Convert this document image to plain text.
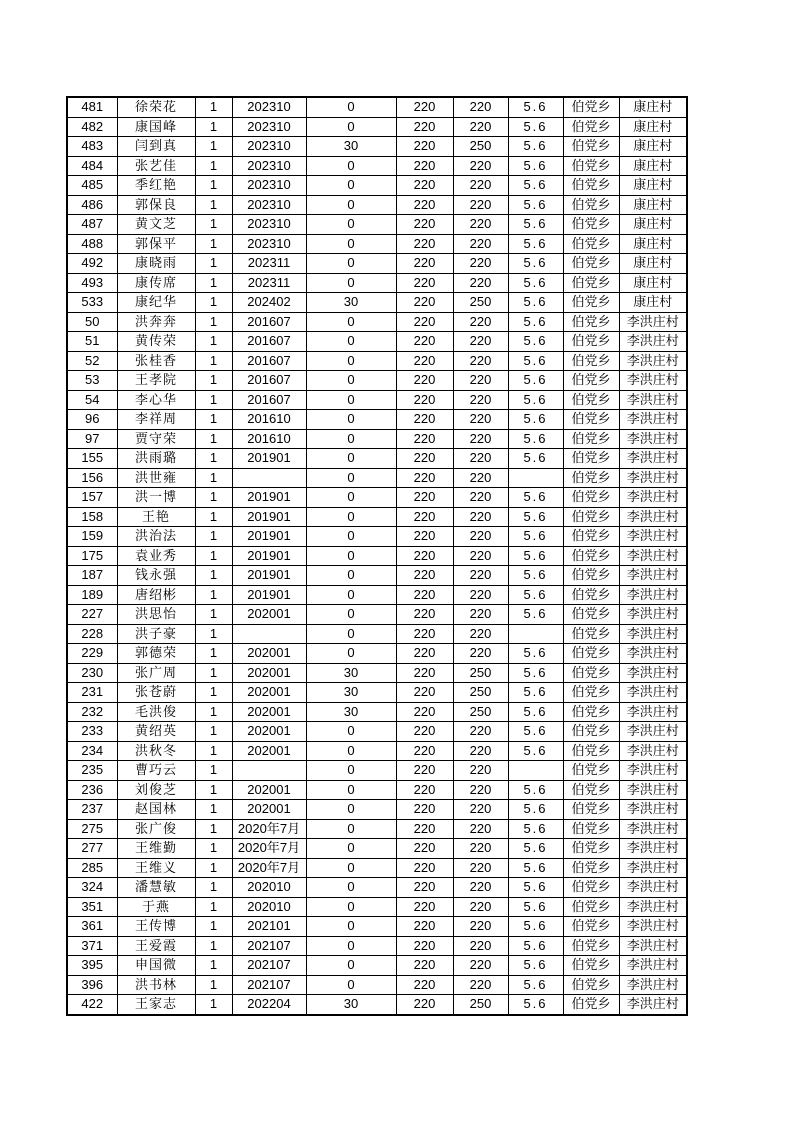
481	徐荣花	1	202310	0	220	220	5.6	伯党乡	康庄村
482	康国峰	1	202310	0	220	220	5.6	伯党乡	康庄村
483	闫到真	1	202310	30	220	250	5.6	伯党乡	康庄村
484	张艺佳	1	202310	0	220	220	5.6	伯党乡	康庄村
485	季红艳	1	202310	0	220	220	5.6	伯党乡	康庄村
486	郭保良	1	202310	0	220	220	5.6	伯党乡	康庄村
487	黄文芝	1	202310	0	220	220	5.6	伯党乡	康庄村
488	郭保平	1	202310	0	220	220	5.6	伯党乡	康庄村
492	康晓雨	1	202311	0	220	220	5.6	伯党乡	康庄村
493	康传席	1	202311	0	220	220	5.6	伯党乡	康庄村
533	康纪华	1	202402	30	220	250	5.6	伯党乡	康庄村
50	洪奔奔	1	201607	0	220	220	5.6	伯党乡	李洪庄村
51	黄传荣	1	201607	0	220	220	5.6	伯党乡	李洪庄村
52	张桂香	1	201607	0	220	220	5.6	伯党乡	李洪庄村
53	王孝院	1	201607	0	220	220	5.6	伯党乡	李洪庄村
54	李心华	1	201607	0	220	220	5.6	伯党乡	李洪庄村
96	李祥周	1	201610	0	220	220	5.6	伯党乡	李洪庄村
97	贾守荣	1	201610	0	220	220	5.6	伯党乡	李洪庄村
155	洪雨璐	1	201901	0	220	220	5.6	伯党乡	李洪庄村
156	洪世雍	1		0	220	220		伯党乡	李洪庄村
157	洪一博	1	201901	0	220	220	5.6	伯党乡	李洪庄村
158	王艳	1	201901	0	220	220	5.6	伯党乡	李洪庄村
159	洪治法	1	201901	0	220	220	5.6	伯党乡	李洪庄村
175	袁业秀	1	201901	0	220	220	5.6	伯党乡	李洪庄村
187	钱永强	1	201901	0	220	220	5.6	伯党乡	李洪庄村
189	唐绍彬	1	201901	0	220	220	5.6	伯党乡	李洪庄村
227	洪思怡	1	202001	0	220	220	5.6	伯党乡	李洪庄村
228	洪子豪	1		0	220	220		伯党乡	李洪庄村
229	郭德荣	1	202001	0	220	220	5.6	伯党乡	李洪庄村
230	张广周	1	202001	30	220	250	5.6	伯党乡	李洪庄村
231	张苍蔚	1	202001	30	220	250	5.6	伯党乡	李洪庄村
232	毛洪俊	1	202001	30	220	250	5.6	伯党乡	李洪庄村
233	黄绍英	1	202001	0	220	220	5.6	伯党乡	李洪庄村
234	洪秋冬	1	202001	0	220	220	5.6	伯党乡	李洪庄村
235	曹巧云	1		0	220	220		伯党乡	李洪庄村
236	刘俊芝	1	202001	0	220	220	5.6	伯党乡	李洪庄村
237	赵国林	1	202001	0	220	220	5.6	伯党乡	李洪庄村
275	张广俊	1	2020年7月	0	220	220	5.6	伯党乡	李洪庄村
277	王维勤	1	2020年7月	0	220	220	5.6	伯党乡	李洪庄村
285	王维义	1	2020年7月	0	220	220	5.6	伯党乡	李洪庄村
324	潘慧敏	1	202010	0	220	220	5.6	伯党乡	李洪庄村
351	于燕	1	202010	0	220	220	5.6	伯党乡	李洪庄村
361	王传博	1	202101	0	220	220	5.6	伯党乡	李洪庄村
371	王爱霞	1	202107	0	220	220	5.6	伯党乡	李洪庄村
395	申国微	1	202107	0	220	220	5.6	伯党乡	李洪庄村
396	洪书林	1	202107	0	220	220	5.6	伯党乡	李洪庄村
422	王家志	1	202204	30	220	250	5.6	伯党乡	李洪庄村
